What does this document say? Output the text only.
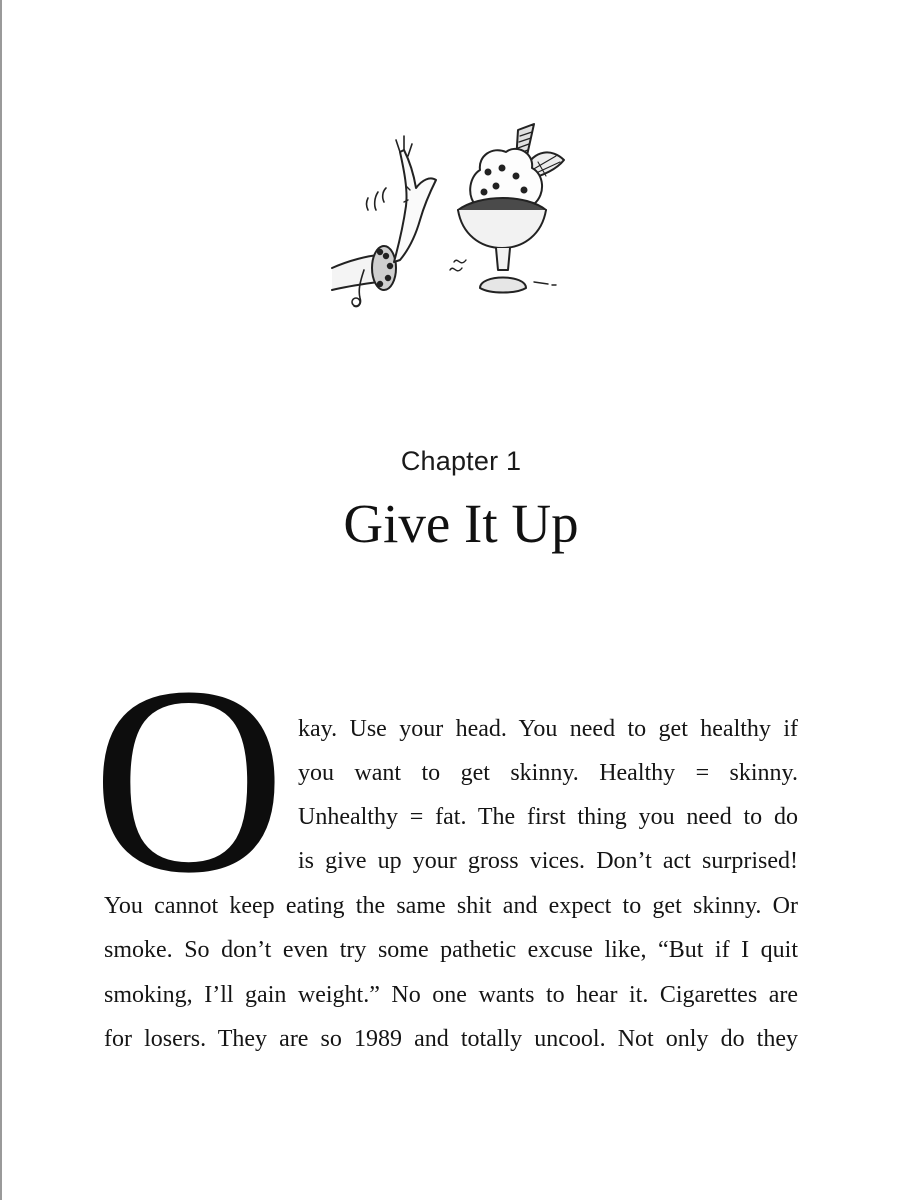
Chapter 1
Give It Up
O kay. Use your head. You need to get healthy if
you want to get skinny. Healthy = skinny.
Unhealthy = fat. The first thing you need to do
is give up your gross vices. Don’t act surprised!
You cannot keep eating the same shit and expect to get skinny. Or
smoke. So don’t even try some pathetic excuse like, “But if I quit
smoking, I’ll gain weight.” No one wants to hear it. Cigarettes are
for losers. They are so 1989 and totally uncool. Not only do they
